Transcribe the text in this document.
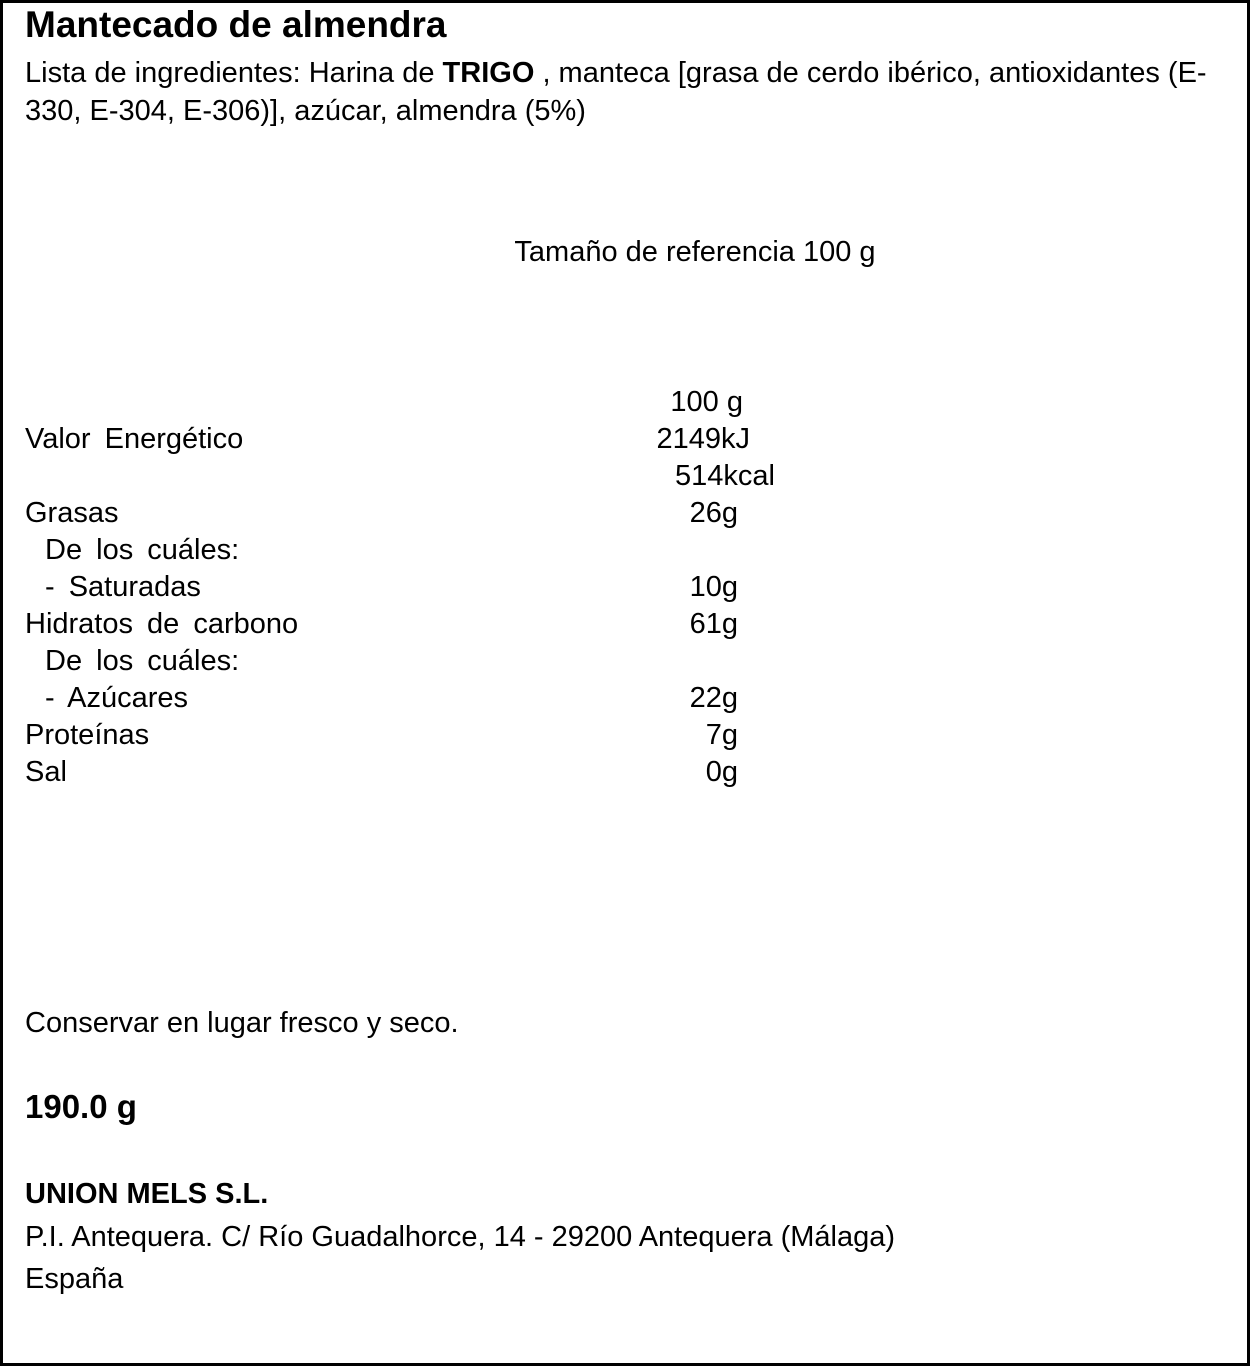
Mantecado de almendra
Lista de ingredientes: Harina de TRIGO , manteca [grasa de cerdo ibérico, antioxidantes (E-330, E-304, E-306)], azúcar, almendra (5%)
Tamaño de referencia 100 g
100 g
Valor Energético	2149kJ
514kcal
Grasas	26g
De los cuáles:
- Saturadas	10g
Hidratos de carbono	61g
De los cuáles:
- Azúcares	22g
Proteínas	7g
Sal	0g
Conservar en lugar fresco y seco.
190.0 g
UNION MELS S.L.
P.I. Antequera. C/ Río Guadalhorce, 14 - 29200 Antequera (Málaga)
España
